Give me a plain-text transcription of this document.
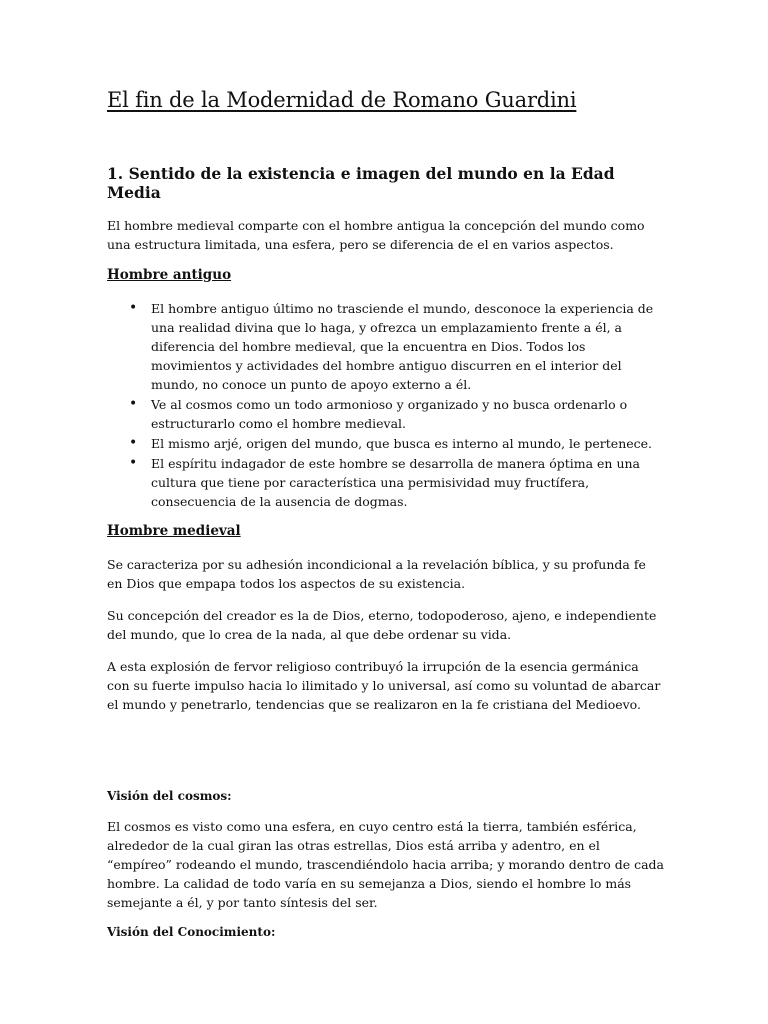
El fin de la Modernidad de Romano Guardini
1. Sentido de la existencia e imagen del mundo en la Edad Media

El hombre medieval comparte con el hombre antigua la concepción del mundo como una estructura limitada, una esfera, pero se diferencia de el en varios aspectos.

Hombre antiguo
• El hombre antiguo último no trasciende el mundo, desconoce la experiencia de una realidad divina que lo haga, y ofrezca un emplazamiento frente a él, a diferencia del hombre medieval, que la encuentra en Dios. Todos los movimientos y actividades del hombre antiguo discurren en el interior del mundo, no conoce un punto de apoyo externo a él.
• Ve al cosmos como un todo armonioso y organizado y no busca ordenarlo o estructurarlo como el hombre medieval.
• El mismo arjé, origen del mundo, que busca es interno al mundo, le pertenece.
• El espíritu indagador de este hombre se desarrolla de manera óptima en una cultura que tiene por característica una permisividad muy fructífera, consecuencia de la ausencia de dogmas.
Hombre medieval

Se caracteriza por su adhesión incondicional a la revelación bíblica, y su profunda fe en Dios que empapa todos los aspectos de su existencia.

Su concepción del creador es la de Dios, eterno, todopoderoso, ajeno, e independiente del mundo, que lo crea de la nada, al que debe ordenar su vida.

A esta explosión de fervor religioso contribuyó la irrupción de la esencia germánica con su fuerte impulso hacia lo ilimitado y lo universal, así como su voluntad de abarcar el mundo y penetrarlo, tendencias que se realizaron en la fe cristiana del Medioevo.

Visión del cosmos:

El cosmos es visto como una esfera, en cuyo centro está la tierra, también esférica, alrededor de la cual giran las otras estrellas, Dios está arriba y adentro, en el “empíreo” rodeando el mundo, trascendiéndolo hacia arriba; y morando dentro de cada hombre. La calidad de todo varía en su semejanza a Dios, siendo el hombre lo más semejante a él, y por tanto síntesis del ser.

Visión del Conocimiento:
